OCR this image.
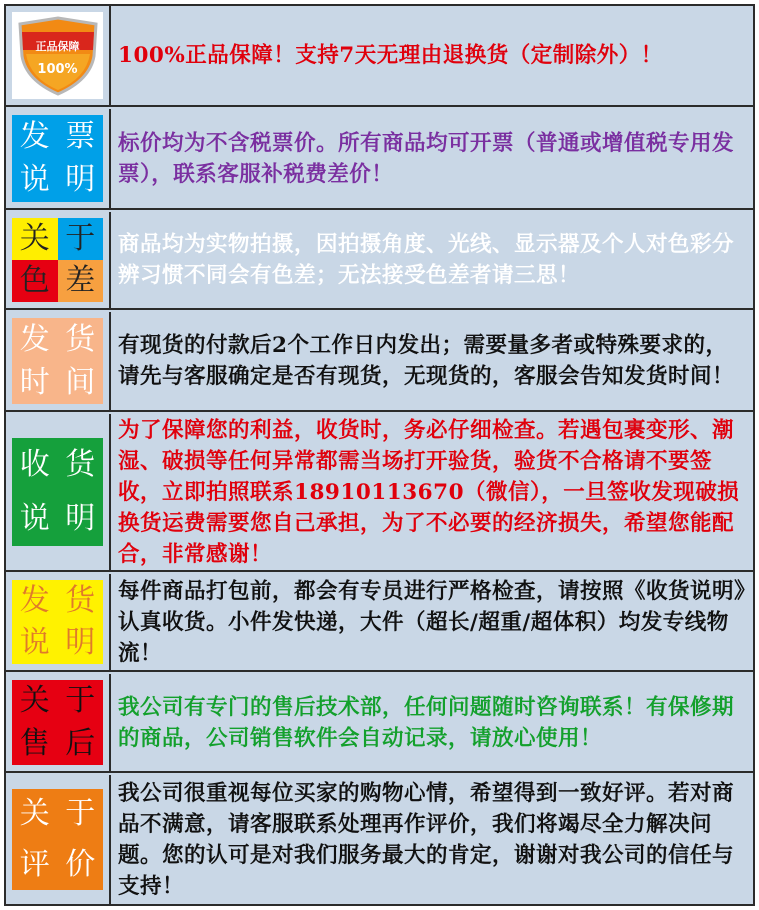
正品保障
100%

100%正品保障！支持7天无理由退换货（定制除外）！

发 票
说 明

标价均为不含税票价。所有商品均可开票（普通或增值税专用发票），联系客服补税费差价！

关 于
色 差

商品均为实物拍摄，因拍摄角度、光线、显示器及个人对色彩分辨习惯不同会有色差；无法接受色差者请三思！

发 货
时 间

有现货的付款后2个工作日内发出；需要量多者或特殊要求的，请先与客服确定是否有现货，无现货的，客服会告知发货时间！

收 货
说 明

为了保障您的利益，收货时，务必仔细检查。若遇包裹变形、潮湿、破损等任何异常都需当场打开验货，验货不合格请不要签收，立即拍照联系18910113670（微信），一旦签收发现破损换货运费需要您自己承担，为了不必要的经济损失，希望您能配合，非常感谢！

发 货
说 明

每件商品打包前，都会有专员进行严格检查，请按照《收货说明》认真收货。小件发快递，大件（超长/超重/超体积）均发专线物流！

关 于
售 后

我公司有专门的售后技术部，任何问题随时咨询联系！有保修期的商品，公司销售软件会自动记录，请放心使用！

关 于
评 价

我公司很重视每位买家的购物心情，希望得到一致好评。若对商品不满意，请客服联系处理再作评价，我们将竭尽全力解决问题。您的认可是对我们服务最大的肯定，谢谢对我公司的信任与支持！
